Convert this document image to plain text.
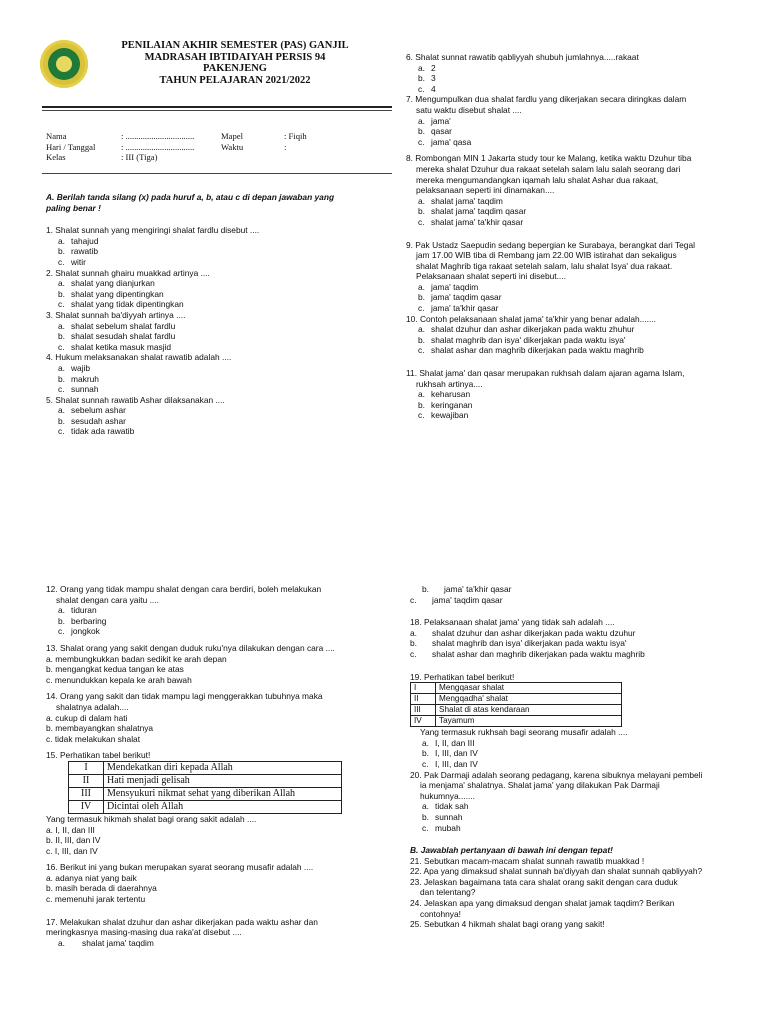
PENILAIAN AKHIR SEMESTER (PAS) GANJIL
MADRASAH IBTIDAIYAH PERSIS 94
PAKENJENG
TAHUN PELAJARAN 2021/2022
Nama	: ................................	Mapel	: Fiqih
Hari / Tanggal	: ................................	Waktu	:
Kelas	: III (Tiga)		
A. Berilah tanda silang (x) pada huruf a, b, atau c di depan jawaban yang
paling benar !
1. Shalat sunnah yang mengiringi shalat fardlu disebut ....
a. tahajud
b. rawatib
c. witir
2. Shalat sunnah ghairu muakkad artinya ....
a. shalat yang dianjurkan
b. shalat yang dipentingkan
c. shalat yang tidak dipentingkan
3. Shalat sunnah ba'diyyah artinya ....
a. shalat sebelum shalat fardlu
b. shalat sesudah shalat fardlu
c. shalat ketika masuk masjid
4. Hukum melaksanakan shalat rawatib adalah ....
a. wajib
b. makruh
c. sunnah
5. Shalat sunnah rawatib Ashar dilaksanakan ....
a. sebelum ashar
b. sesudah ashar
c. tidak ada rawatib
6. Shalat sunnat rawatib qabliyyah shubuh jumlahnya.....rakaat
a. 2
b. 3
c. 4
7. Mengumpulkan dua shalat fardlu yang dikerjakan secara diringkas dalam
satu waktu disebut shalat ....
a. jama'
b. qasar
c. jama' qasa
8. Rombongan MIN 1 Jakarta study tour ke Malang, ketika waktu Dzuhur tiba
mereka shalat Dzuhur dua rakaat setelah salam lalu salah seorang dari
mereka mengumandangkan iqamah lalu shalat Ashar dua rakaat,
pelaksanaan seperti ini dinamakan....
a. shalat jama' taqdim
b. shalat jama' taqdim qasar
c. shalat jama' ta'khir qasar
9. Pak Ustadz Saepudin sedang bepergian ke Surabaya, berangkat dari Tegal
jam 17.00 WIB tiba di Rembang jam 22.00 WIB istirahat dan sekaligus
shalat Maghrib tiga rakaat setelah salam, lalu shalat Isya' dua rakaat.
Pelaksanaan shalat seperti ini disebut....
a. jama' taqdim
b. jama' taqdim qasar
c. jama' ta'khir qasar
10. Contoh pelaksanaan shalat jama' ta'khir yang benar adalah.......
a. shalat dzuhur dan ashar dikerjakan pada waktu zhuhur
b. shalat maghrib dan isya' dikerjakan pada waktu isya'
c. shalat ashar dan maghrib dikerjakan pada waktu maghrib
11. Shalat jama' dan qasar merupakan rukhsah dalam ajaran agama Islam,
rukhsah artinya....
a. keharusan
b. keringanan
c. kewajiban
12. Orang yang tidak mampu shalat dengan cara berdiri, boleh melakukan
shalat dengan cara yaitu ....
a. tiduran
b. berbaring
c. jongkok
13. Shalat orang yang sakit dengan duduk ruku'nya dilakukan dengan cara ....
a. membungkukkan badan sedikit ke arah depan
b. mengangkat kedua tangan ke atas
c. menundukkan kepala ke arah bawah
14. Orang yang sakit dan tidak mampu lagi menggerakkan tubuhnya maka
shalatnya adalah....
a. cukup di dalam hati
b. membayangkan shalatnya
c. tidak melakukan shalat
15. Perhatikan tabel berikut!
I	Mendekatkan diri kepada Allah
II	Hati menjadi gelisah
III	Mensyukuri nikmat sehat yang diberikan Allah
IV	Dicintai oleh Allah
Yang termasuk hikmah shalat bagi orang sakit adalah ....
a. I, II, dan III
b. II, III, dan IV
c. I, III, dan IV
16. Berikut ini yang bukan merupakan syarat seorang musafir adalah ....
a. adanya niat yang baik
b. masih berada di daerahnya
c. memenuhi jarak tertentu
17. Melakukan shalat dzuhur dan ashar dikerjakan pada waktu ashar dan
meringkasnya masing-masing dua raka'at disebut ....
a. shalat jama' taqdim
b. jama' ta'khir qasar
c. jama' taqdim qasar
18. Pelaksanaan shalat jama' yang tidak sah adalah ....
a. shalat dzuhur dan ashar dikerjakan pada waktu dzuhur
b. shalat maghrib dan isya' dikerjakan pada waktu isya'
c. shalat ashar dan maghrib dikerjakan pada waktu maghrib
19. Perhatikan tabel berikut!
I	Mengqasar shalat
II	Mengqadha' shalat
III	Shalat di atas kendaraan
IV	Tayamum
Yang termasuk rukhsah bagi seorang musafir adalah ....
a. I, II, dan III
b. I, III, dan IV
c. I, III, dan IV
20. Pak Darmaji adalah seorang pedagang, karena sibuknya melayani pembeli
ia menjama' shalatnya. Shalat jama' yang dilakukan Pak Darmaji
hukumnya.......
a. tidak sah
b. sunnah
c. mubah
B. Jawablah pertanyaan di bawah ini dengan tepat!
21. Sebutkan macam-macam shalat sunnah rawatib muakkad !
22. Apa yang dimaksud shalat sunnah ba'diyyah dan shalat sunnah qabliyyah?
23. Jelaskan bagaimana tata cara shalat orang sakit dengan cara duduk
dan telentang?
24. Jelaskan apa yang dimaksud dengan shalat jamak taqdim? Berikan
contohnya!
25. Sebutkan 4 hikmah shalat bagi orang yang sakit!
